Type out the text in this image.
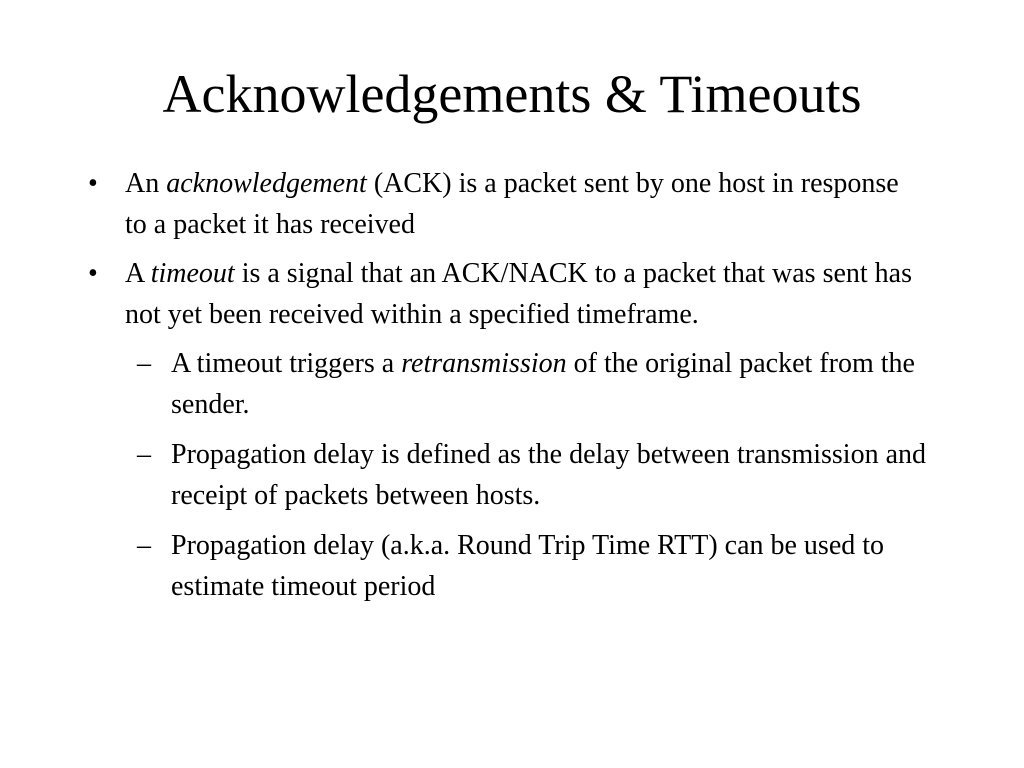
Acknowledgements & Timeouts
• An acknowledgement (ACK) is a packet sent by one host in response to a packet it has received
• A timeout is a signal that an ACK/NACK to a packet that was sent has not yet been received within a specified timeframe.
– A timeout triggers a retransmission of the original packet from the sender.
– Propagation delay is defined as the delay between transmission and receipt of packets between hosts.
– Propagation delay (a.k.a. Round Trip Time RTT) can be used to estimate timeout period
